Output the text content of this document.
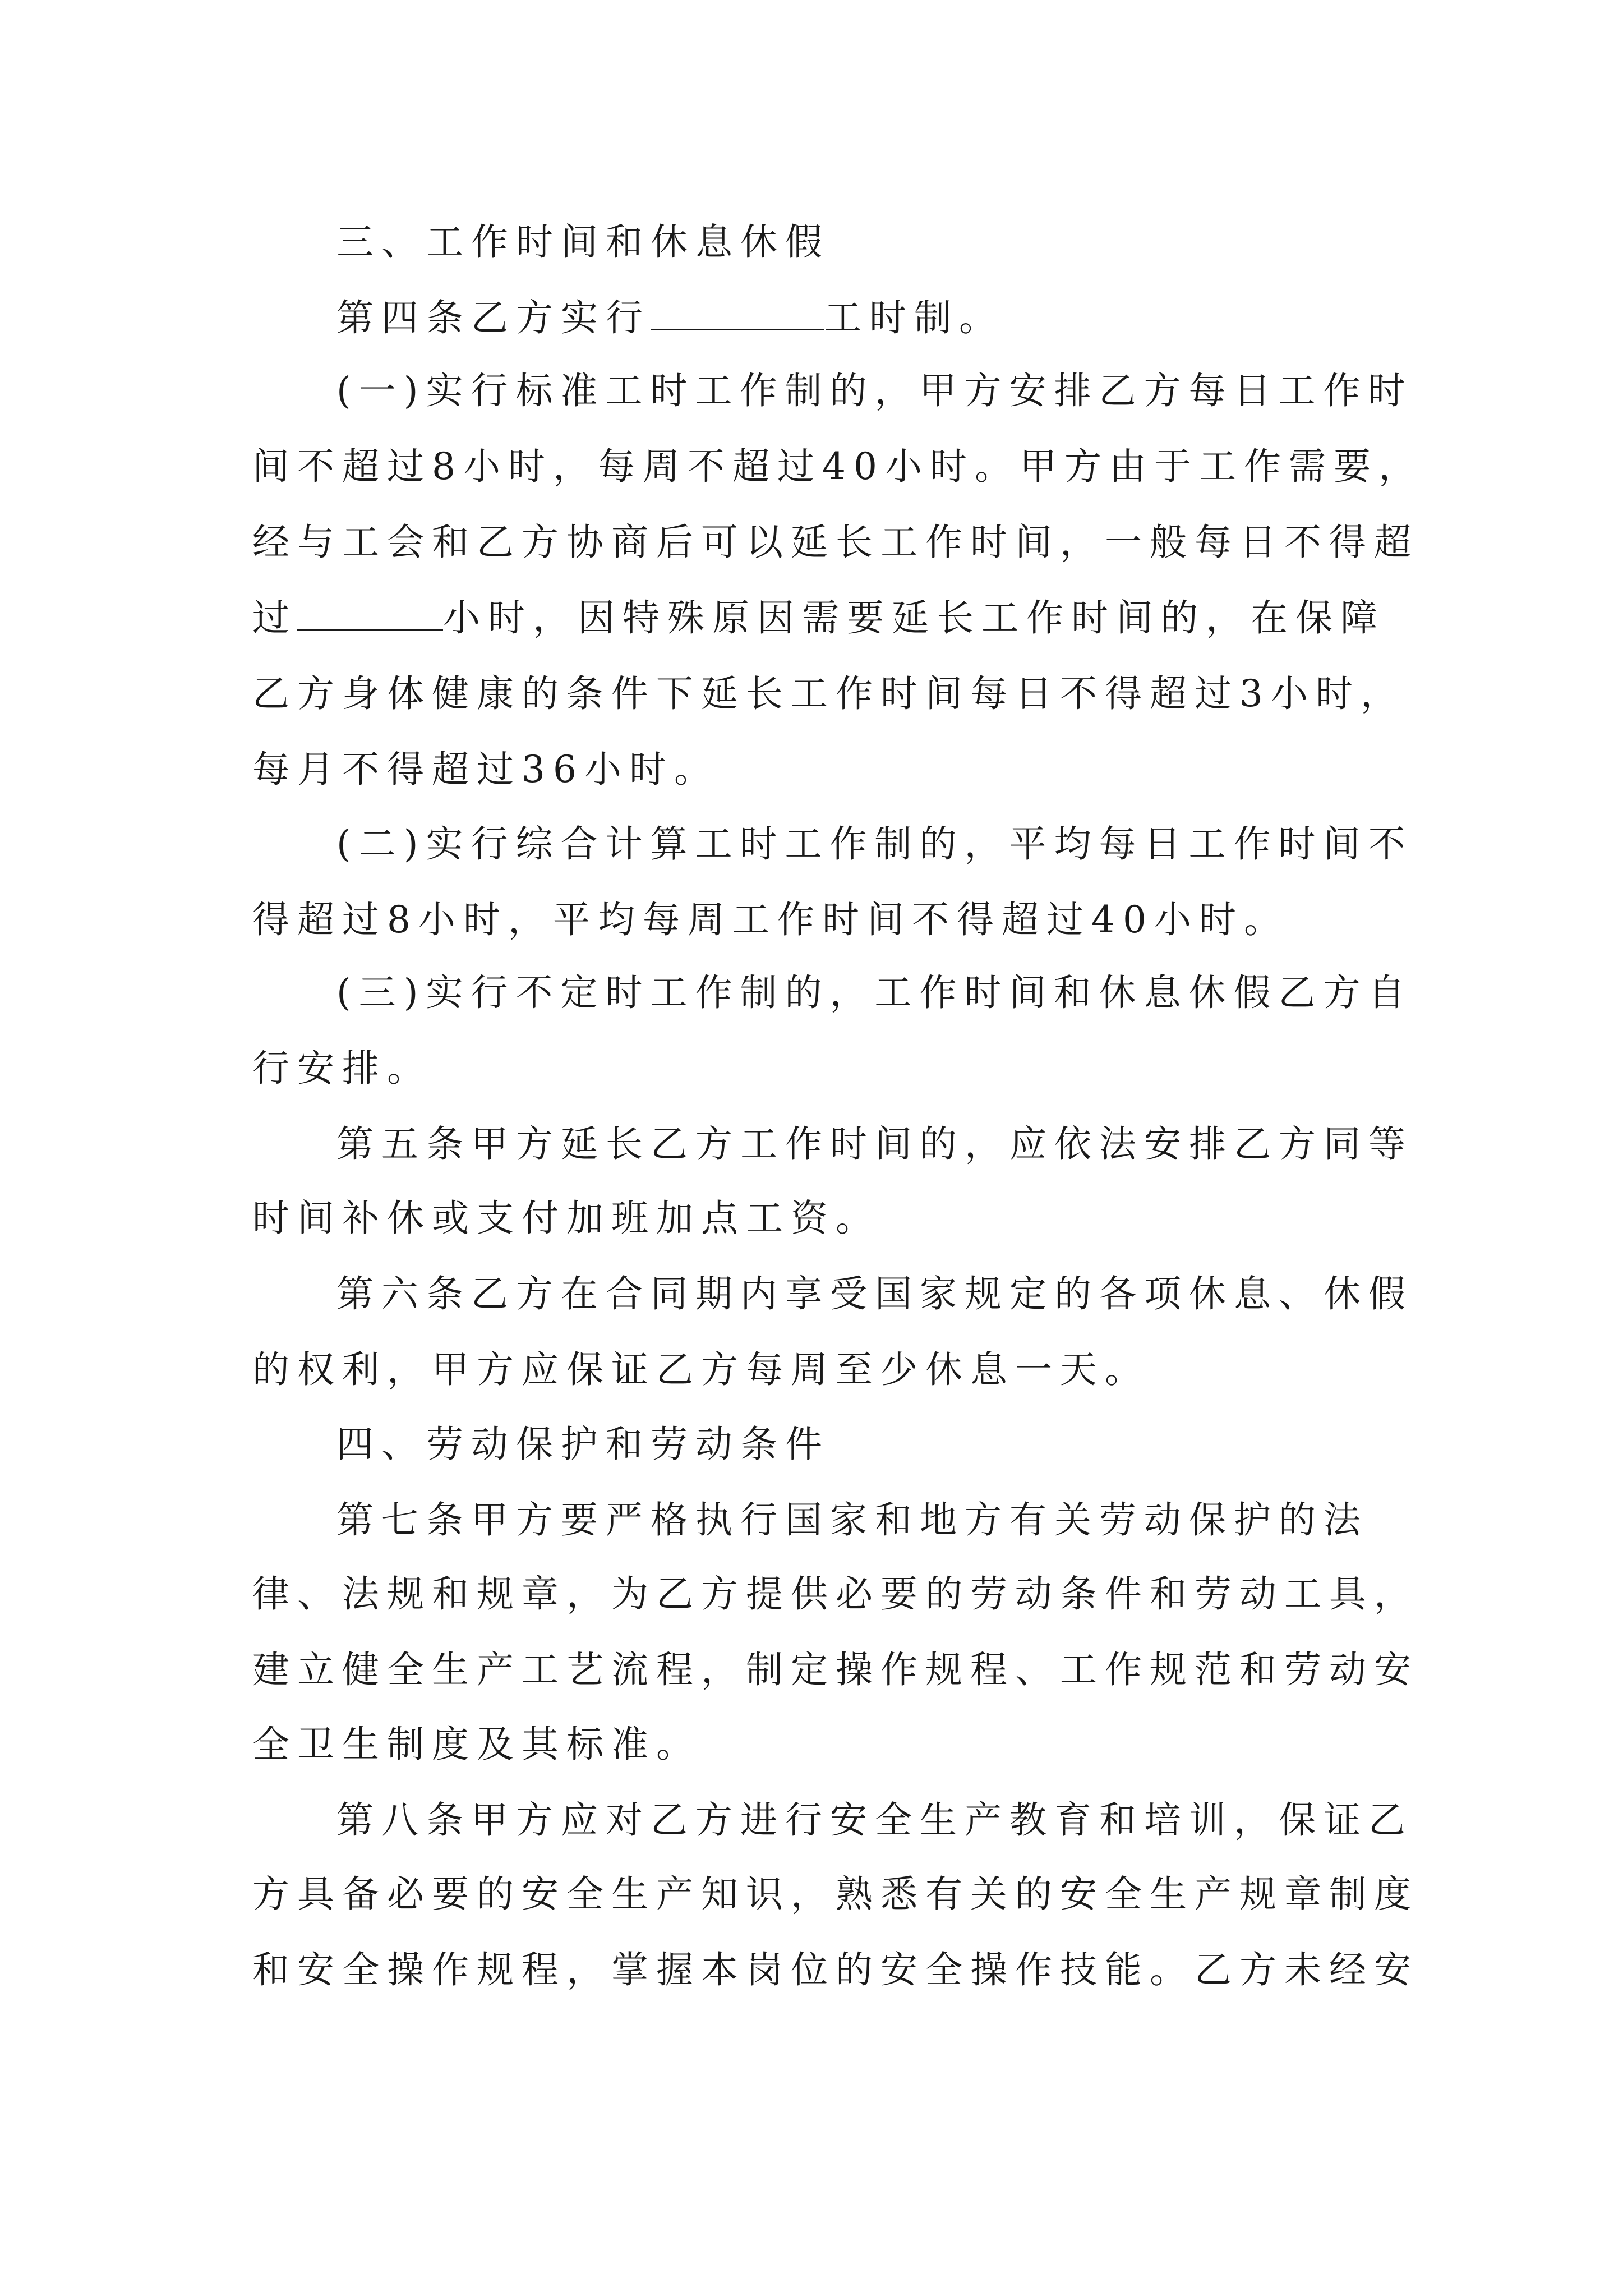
三、工作时间和休息休假
第四条乙方实行	工时制。
(一)实行标准工时工作制的，甲方安排乙方每日工作时
间不超过8小时，每周不超过40小时。甲方由于工作需要，
经与工会和乙方协商后可以延长工作时间，一般每日不得超
过	小时，因特殊原因需要延长工作时间的，在保障
乙方身体健康的条件下延长工作时间每日不得超过3小时，
每月不得超过36小时。
(二)实行综合计算工时工作制的，平均每日工作时间不
得超过8小时，平均每周工作时间不得超过40小时。
(三)实行不定时工作制的，工作时间和休息休假乙方自
行安排。
第五条甲方延长乙方工作时间的，应依法安排乙方同等
时间补休或支付加班加点工资。
第六条乙方在合同期内享受国家规定的各项休息、休假
的权利，甲方应保证乙方每周至少休息一天。
四、劳动保护和劳动条件
第七条甲方要严格执行国家和地方有关劳动保护的法
律、法规和规章，为乙方提供必要的劳动条件和劳动工具，
建立健全生产工艺流程，制定操作规程、工作规范和劳动安
全卫生制度及其标准。
第八条甲方应对乙方进行安全生产教育和培训，保证乙
方具备必要的安全生产知识，熟悉有关的安全生产规章制度
和安全操作规程，掌握本岗位的安全操作技能。乙方未经安
